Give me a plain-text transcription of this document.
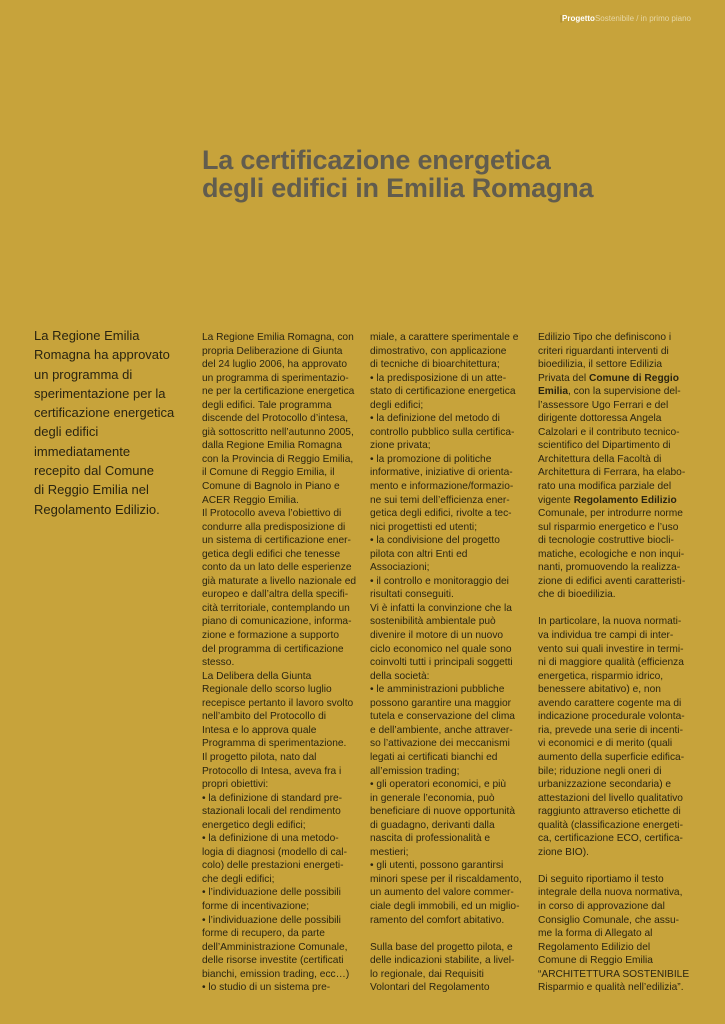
|ProgettoSostenibile / in primo piano
La certificazione energetica
degli edifici in Emilia Romagna
La Regione Emilia
Romagna ha approvato
un programma di
sperimentazione per la
certificazione energetica
degli edifici
immediatamente
recepito dal Comune
di Reggio Emilia nel
Regolamento Edilizio.
La Regione Emilia Romagna, con
propria Deliberazione di Giunta
del 24 luglio 2006, ha approvato
un programma di sperimentazio-
ne per la certificazione energetica
degli edifici. Tale programma
discende del Protocollo d’intesa,
già sottoscritto nell’autunno 2005,
dalla Regione Emilia Romagna
con la Provincia di Reggio Emilia,
il Comune di Reggio Emilia, il
Comune di Bagnolo in Piano e
ACER Reggio Emilia.
Il Protocollo aveva l’obiettivo di
condurre alla predisposizione di
un sistema di certificazione ener-
getica degli edifici che tenesse
conto da un lato delle esperienze
già maturate a livello nazionale ed
europeo e dall’altra della specifi-
cità territoriale, contemplando un
piano di comunicazione, informa-
zione e formazione a supporto
del programma di certificazione
stesso.
La Delibera della Giunta
Regionale dello scorso luglio
recepisce pertanto il lavoro svolto
nell’ambito del Protocollo di
Intesa e lo approva quale
Programma di sperimentazione.
Il progetto pilota, nato dal
Protocollo di Intesa, aveva fra i
propri obiettivi:
• la definizione di standard pre-
stazionali locali del rendimento
energetico degli edifici;
• la definizione di una metodo-
logia di diagnosi (modello di cal-
colo) delle prestazioni energeti-
che degli edifici;
• l’individuazione delle possibili
forme di incentivazione;
• l’individuazione delle possibili
forme di recupero, da parte
dell’Amministrazione Comunale,
delle risorse investite (certificati
bianchi, emission trading, ecc…)
• lo studio di un sistema pre-
miale, a carattere sperimentale e
dimostrativo, con applicazione
di tecniche di bioarchitettura;
• la predisposizione di un atte-
stato di certificazione energetica
degli edifici;
• la definizione del metodo di
controllo pubblico sulla certifica-
zione privata;
• la promozione di politiche
informative, iniziative di orienta-
mento e informazione/formazio-
ne sui temi dell’efficienza ener-
getica degli edifici, rivolte a tec-
nici progettisti ed utenti;
• la condivisione del progetto
pilota con altri Enti ed
Associazioni;
• il controllo e monitoraggio dei
risultati conseguiti.
Vi è infatti la convinzione che la
sostenibilità ambientale può
divenire il motore di un nuovo
ciclo economico nel quale sono
coinvolti tutti i principali soggetti
della società:
• le amministrazioni pubbliche
possono garantire una maggior
tutela e conservazione del clima
e dell’ambiente, anche attraver-
so l’attivazione dei meccanismi
legati ai certificati bianchi ed
all’emission trading;
• gli operatori economici, e più
in generale l’economia, può
beneficiare di nuove opportunità
di guadagno, derivanti dalla
nascita di professionalità e
mestieri;
• gli utenti, possono garantirsi
minori spese per il riscaldamento,
un aumento del valore commer-
ciale degli immobili, ed un miglio-
ramento del comfort abitativo.
Sulla base del progetto pilota, e
delle indicazioni stabilite, a livel-
lo regionale, dai Requisiti
Volontari del Regolamento
Edilizio Tipo che definiscono i
criteri riguardanti interventi di
bioedilizia, il settore Edilizia
Privata del Comune di Reggio
Emilia, con la supervisione del-
l’assessore Ugo Ferrari e del
dirigente dottoressa Angela
Calzolari e il contributo tecnico-
scientifico del Dipartimento di
Architettura della Facoltà di
Architettura di Ferrara, ha elabo-
rato una modifica parziale del
vigente Regolamento Edilizio
Comunale, per introdurre norme
sul risparmio energetico e l’uso
di tecnologie costruttive biocli-
matiche, ecologiche e non inqui-
nanti, promuovendo la realizza-
zione di edifici aventi caratteristi-
che di bioedilizia.
In particolare, la nuova normati-
va individua tre campi di inter-
vento sui quali investire in termi-
ni di maggiore qualità (efficienza
energetica, risparmio idrico,
benessere abitativo) e, non
avendo carattere cogente ma di
indicazione procedurale volonta-
ria, prevede una serie di incenti-
vi economici e di merito (quali
aumento della superficie edifica-
bile; riduzione negli oneri di
urbanizzazione secondaria) e
attestazioni del livello qualitativo
raggiunto attraverso etichette di
qualità (classificazione energeti-
ca, certificazione ECO, certifica-
zione BIO).
Di seguito riportiamo il testo
integrale della nuova normativa,
in corso di approvazione dal
Consiglio Comunale, che assu-
me la forma di Allegato al
Regolamento Edilizio del
Comune di Reggio Emilia
“ARCHITETTURA SOSTENIBILE
Risparmio e qualità nell’edilizia”.
